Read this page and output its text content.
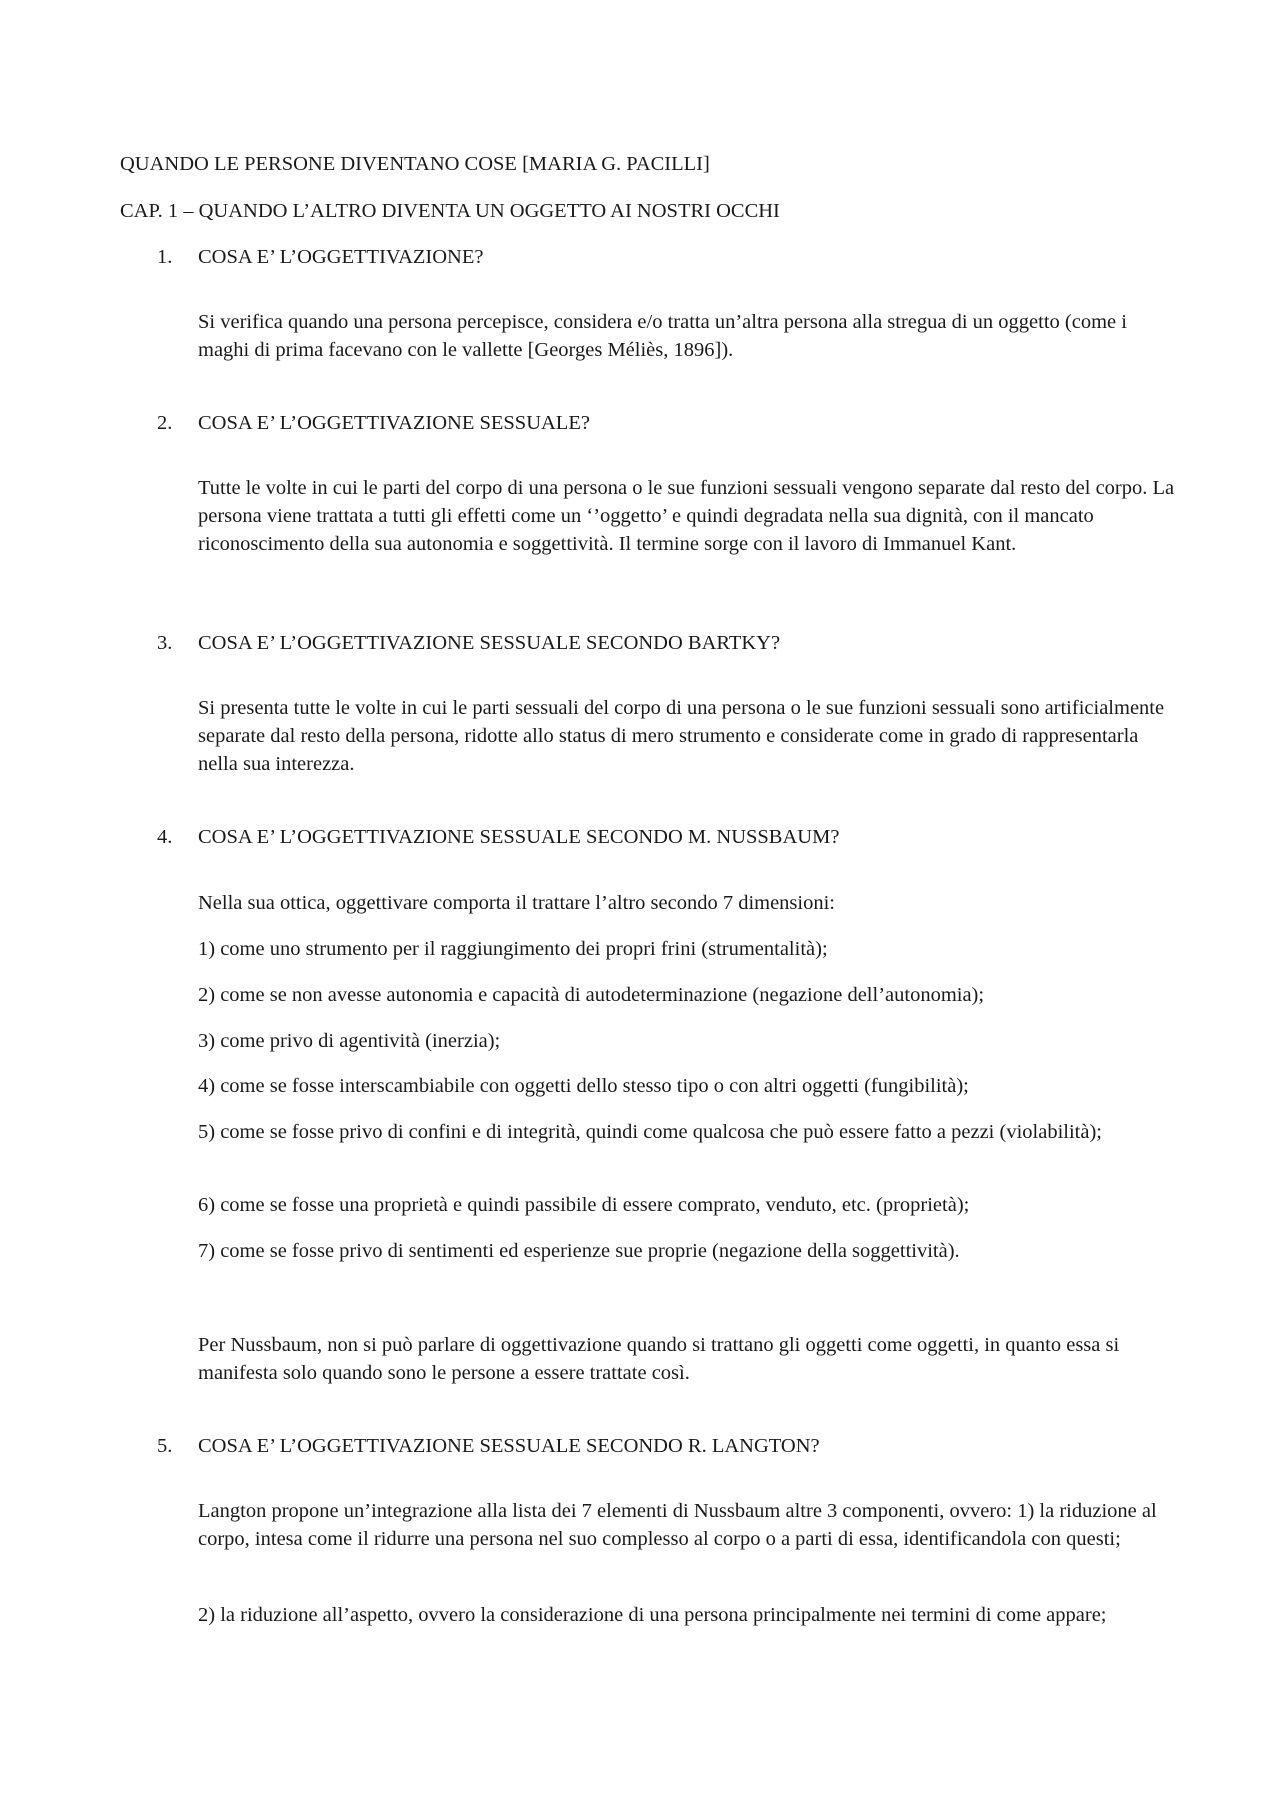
QUANDO LE PERSONE DIVENTANO COSE [MARIA G. PACILLI]

CAP. 1 – QUANDO L’ALTRO DIVENTA UN OGGETTO AI NOSTRI OCCHI

1. COSA E’ L’OGGETTIVAZIONE?

Si verifica quando una persona percepisce, considera e/o tratta un’altra persona alla stregua di un oggetto (come i maghi di prima facevano con le vallette [Georges Méliès, 1896]).

2. COSA E’ L’OGGETTIVAZIONE SESSUALE?

Tutte le volte in cui le parti del corpo di una persona o le sue funzioni sessuali vengono separate dal resto del corpo. La persona viene trattata a tutti gli effetti come un ‘’oggetto’ e quindi degradata nella sua dignità, con il mancato riconoscimento della sua autonomia e soggettività. Il termine sorge con il lavoro di Immanuel Kant.

3. COSA E’ L’OGGETTIVAZIONE SESSUALE SECONDO BARTKY?

Si presenta tutte le volte in cui le parti sessuali del corpo di una persona o le sue funzioni sessuali sono artificialmente separate dal resto della persona, ridotte allo status di mero strumento e considerate come in grado di rappresentarla nella sua interezza.

4. COSA E’ L’OGGETTIVAZIONE SESSUALE SECONDO M. NUSSBAUM?

Nella sua ottica, oggettivare comporta il trattare l’altro secondo 7 dimensioni:

1) come uno strumento per il raggiungimento dei propri frini (strumentalità);

2) come se non avesse autonomia e capacità di autodeterminazione (negazione dell’autonomia);

3) come privo di agentività (inerzia);

4) come se fosse interscambiabile con oggetti dello stesso tipo o con altri oggetti (fungibilità);

5) come se fosse privo di confini e di integrità, quindi come qualcosa che può essere fatto a pezzi (violabilità);

6) come se fosse una proprietà e quindi passibile di essere comprato, venduto, etc. (proprietà);

7) come se fosse privo di sentimenti ed esperienze sue proprie (negazione della soggettività).

Per Nussbaum, non si può parlare di oggettivazione quando si trattano gli oggetti come oggetti, in quanto essa si manifesta solo quando sono le persone a essere trattate così.

5. COSA E’ L’OGGETTIVAZIONE SESSUALE SECONDO R. LANGTON?

Langton propone un’integrazione alla lista dei 7 elementi di Nussbaum altre 3 componenti, ovvero: 1) la riduzione al corpo, intesa come il ridurre una persona nel suo complesso al corpo o a parti di essa, identificandola con questi;

2) la riduzione all’aspetto, ovvero la considerazione di una persona principalmente nei termini di come appare;
